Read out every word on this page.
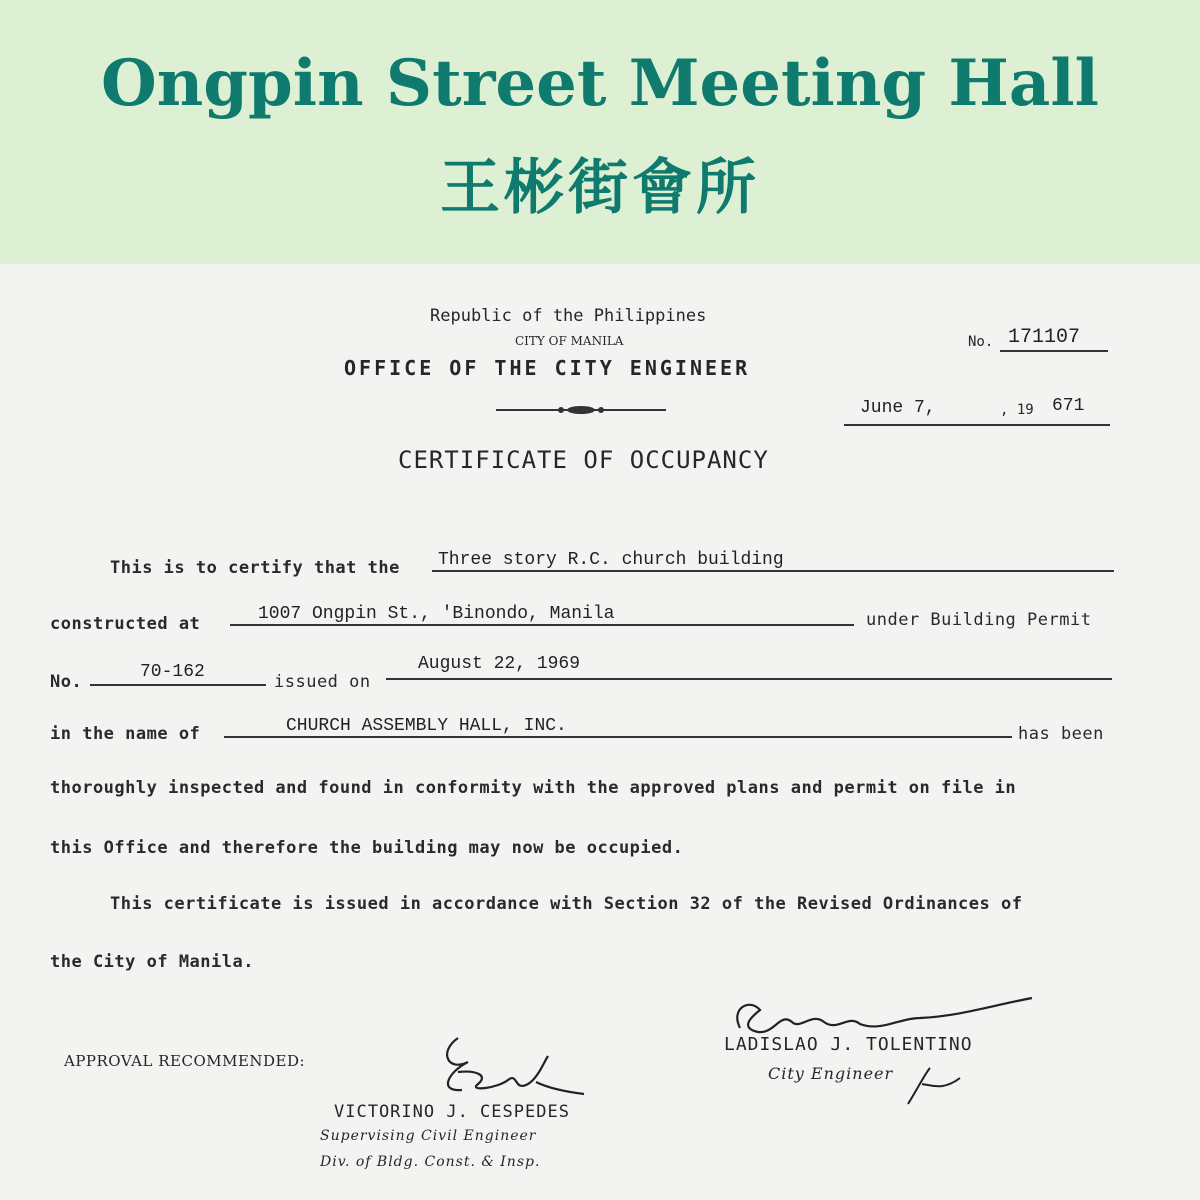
Ongpin Street Meeting Hall
王彬街會所
Republic of the Philippines
CITY OF MANILA
OFFICE OF THE CITY ENGINEER
No. 171107
June 7,	, 19 671
CERTIFICATE OF OCCUPANCY
This is to certify that the Three story R.C. church building
constructed at	1007 Ongpin St., 'Binondo, Manila	under Building Permit
No.	70-162	issued on
August 22, 1969
in the name of	CHURCH ASSEMBLY HALL, INC.	has been
thoroughly inspected and found in conformity with the approved plans and permit on file in
this Office and therefore the building may now be occupied.
This certificate is issued in accordance with Section 32 of the Revised Ordinances of
the City of Manila.
LADISLAO J. TOLENTINO
City Engineer
APPROVAL RECOMMENDED:
VICTORINO J. CESPEDES
Supervising Civil Engineer
Div. of Bldg. Const. & Insp.
